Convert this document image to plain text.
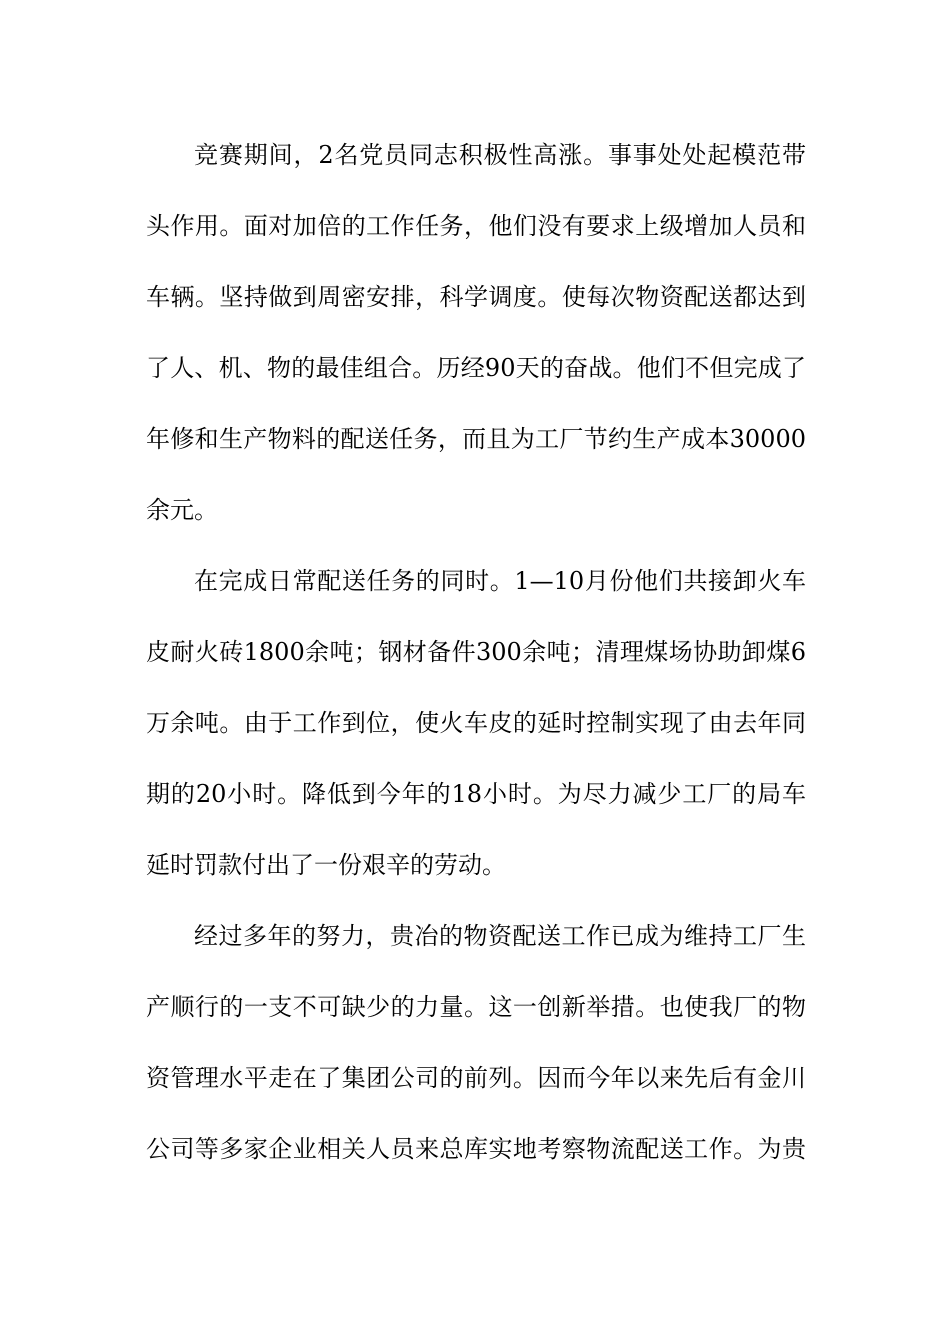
竞赛期间，2名党员同志积极性高涨。事事处处起模范带
头作用。面对加倍的工作任务，他们没有要求上级增加人员和
车辆。坚持做到周密安排，科学调度。使每次物资配送都达到
了人、机、物的最佳组合。历经90天的奋战。他们不但完成了
年修和生产物料的配送任务，而且为工厂节约生产成本30000
余元。
在完成日常配送任务的同时。1—10月份他们共接卸火车
皮耐火砖1800余吨；钢材备件300余吨；清理煤场协助卸煤6
万余吨。由于工作到位，使火车皮的延时控制实现了由去年同
期的20小时。降低到今年的18小时。为尽力减少工厂的局车
延时罚款付出了一份艰辛的劳动。
经过多年的努力，贵冶的物资配送工作已成为维持工厂生
产顺行的一支不可缺少的力量。这一创新举措。也使我厂的物
资管理水平走在了集团公司的前列。因而今年以来先后有金川
公司等多家企业相关人员来总库实地考察物流配送工作。为贵
